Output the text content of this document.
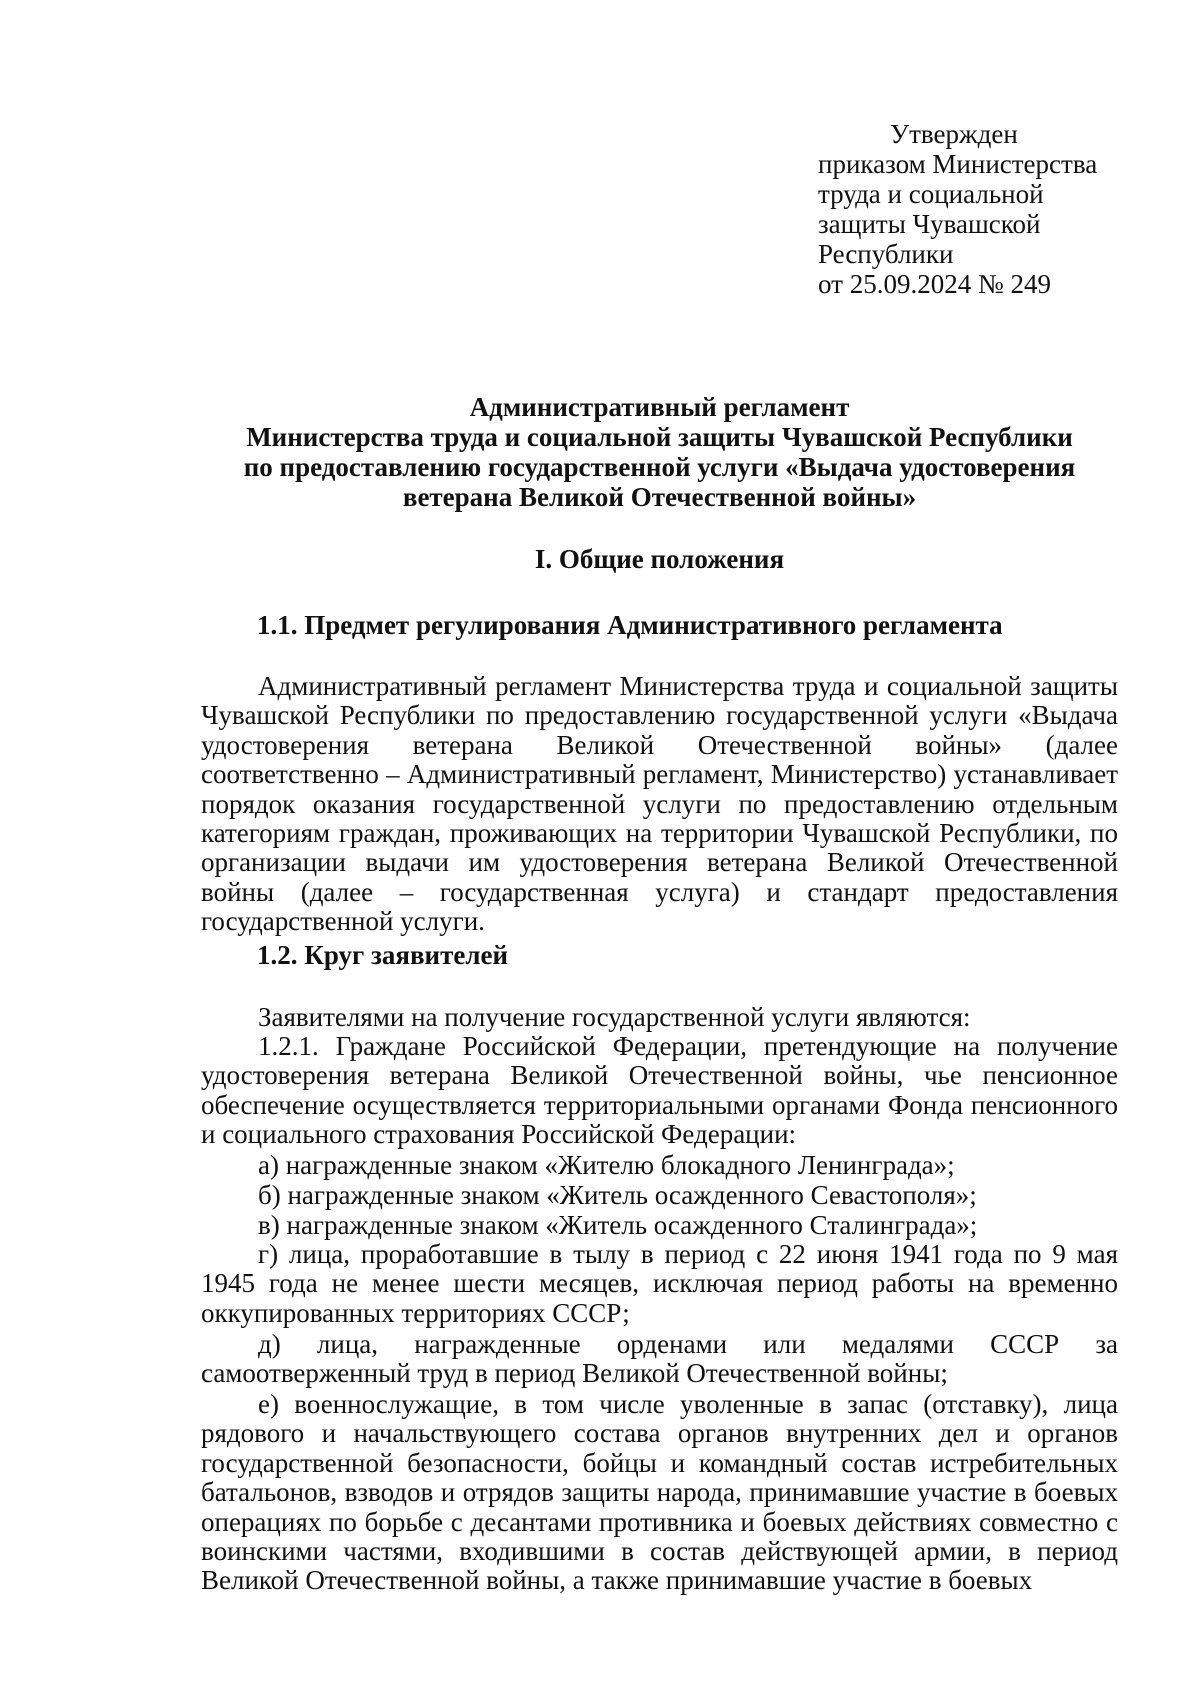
Утвержден
приказом Министерства
труда и социальной
защиты Чувашской
Республики
от 25.09.2024 № 249
Административный регламент
Министерства труда и социальной защиты Чувашской Республики
по предоставлению государственной услуги «Выдача удостоверения
ветерана Великой Отечественной войны»
I. Общие положения
1.1. Предмет регулирования Административного регламента
Административный регламент Министерства труда и социальной защиты Чувашской Республики по предоставлению государственной услуги «Выдача удостоверения ветерана Великой Отечественной войны» (далее соответственно – Административный регламент, Министерство) устанавливает порядок оказания государственной услуги по предоставлению отдельным категориям граждан, проживающих на территории Чувашской Республики, по организации выдачи им удостоверения ветерана Великой Отечественной войны (далее – государственная услуга) и стандарт предоставления государственной услуги.
1.2. Круг заявителей
Заявителями на получение государственной услуги являются:
1.2.1. Граждане Российской Федерации, претендующие на получение удостоверения ветерана Великой Отечественной войны, чье пенсионное обеспечение осуществляется территориальными органами Фонда пенсионного и социального страхования Российской Федерации:
а) награжденные знаком «Жителю блокадного Ленинграда»;
б) награжденные знаком «Житель осажденного Севастополя»;
в) награжденные знаком «Житель осажденного Сталинграда»;
г) лица, проработавшие в тылу в период с 22 июня 1941 года по 9 мая 1945 года не менее шести месяцев, исключая период работы на временно оккупированных территориях СССР;
д) лица, награжденные орденами или медалями СССР за самоотверженный труд в период Великой Отечественной войны;
е) военнослужащие, в том числе уволенные в запас (отставку), лица рядового и начальствующего состава органов внутренних дел и органов государственной безопасности, бойцы и командный состав истребительных батальонов, взводов и отрядов защиты народа, принимавшие участие в боевых операциях по борьбе с десантами противника и боевых действиях совместно с воинскими частями, входившими в состав действующей армии, в период Великой Отечественной войны, а также принимавшие участие в боевых
